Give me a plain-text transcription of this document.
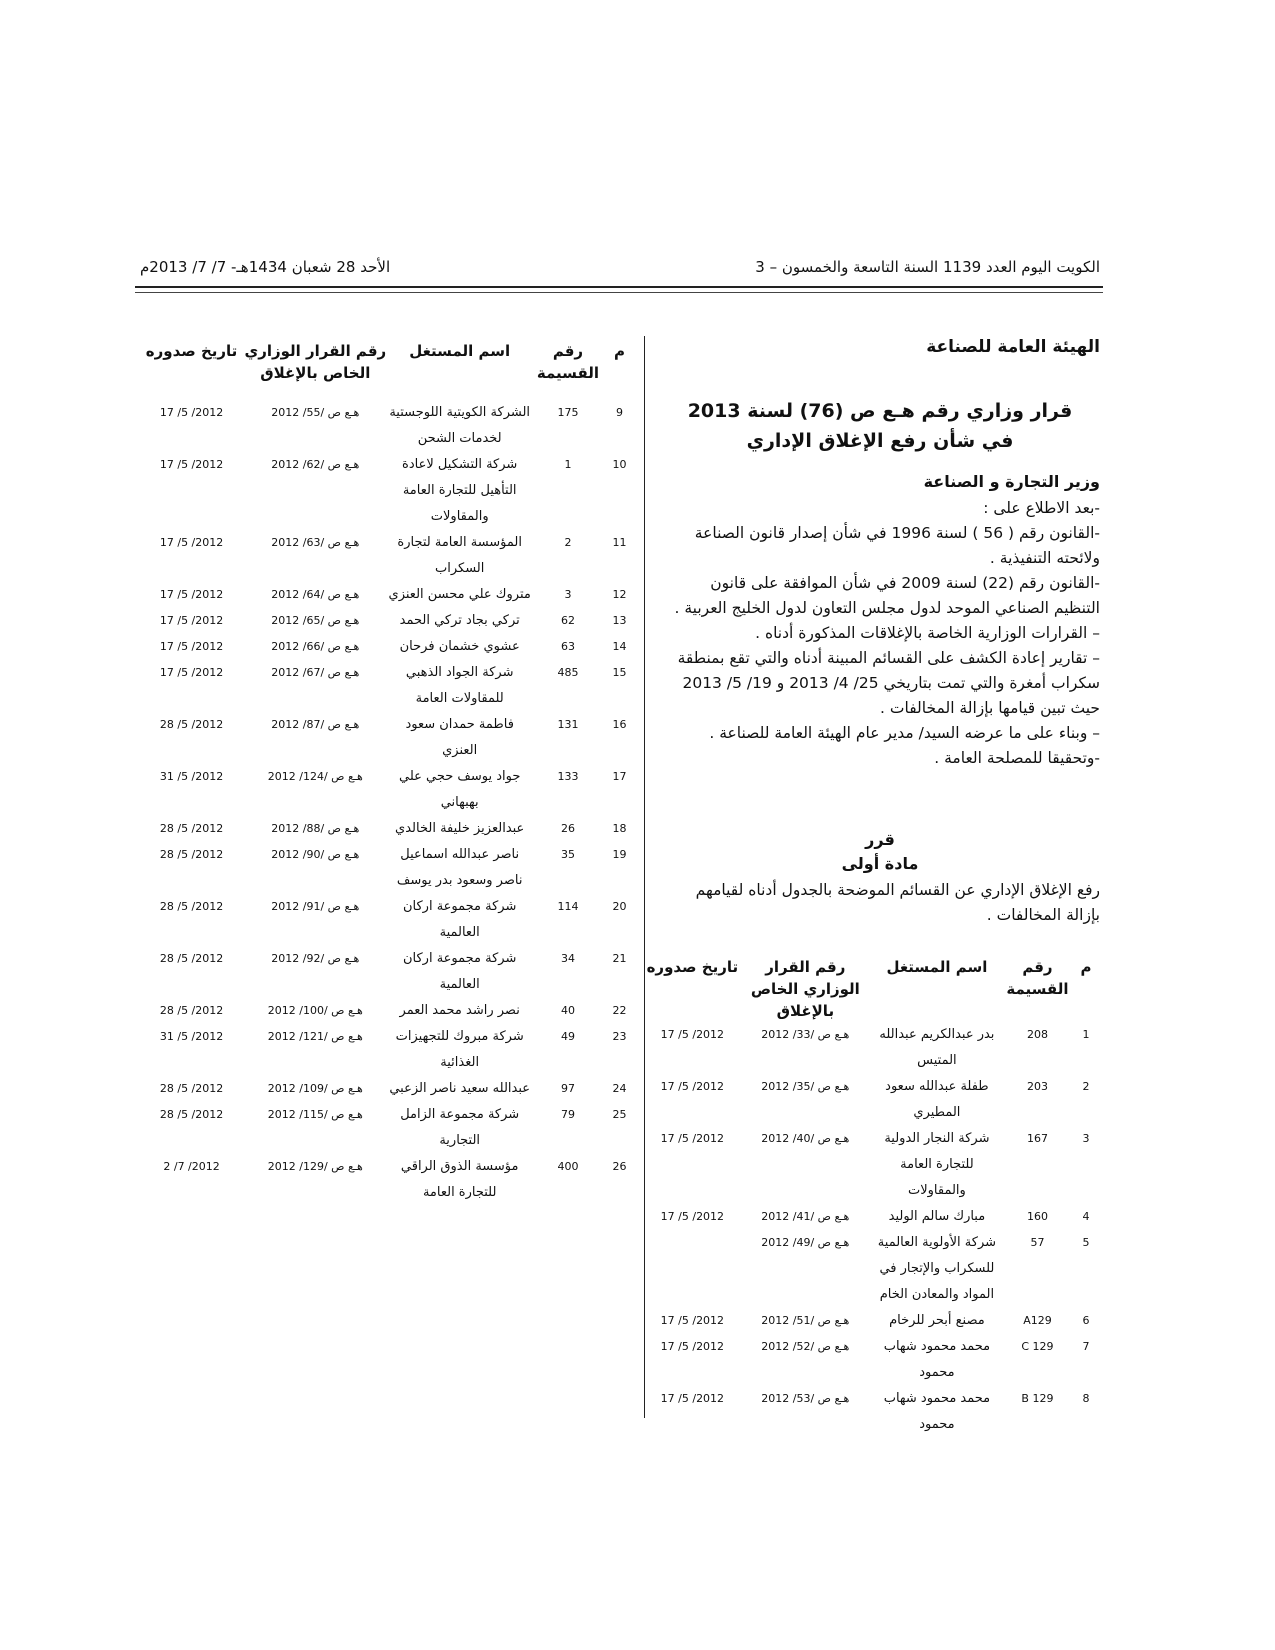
الكويت اليوم العدد 1139 السنة التاسعة والخمسون – 3
الأحد 28 شعبان 1434هـ- 7/ 7/ 2013م
الهيئة العامة للصناعة
قرار وزاري رقم هـع ص (76) لسنة 2013
في شأن رفع الإغلاق الإداري
وزير التجارة و الصناعة

-بعد الاطلاع على :

-القانون رقم ( 56 ) لسنة 1996 في شأن إصدار قانون الصناعة ولائحته التنفيذية .

-القانون رقم (22) لسنة 2009 في شأن الموافقة على قانون التنظيم الصناعي الموحد لدول مجلس التعاون لدول الخليج العربية .

– القرارات الوزارية الخاصة بالإغلاقات المذكورة أدناه .

– تقارير إعادة الكشف على القسائم المبينة أدناه والتي تقع بمنطقة سكراب أمغرة والتي تمت بتاريخي 25/ 4/ 2013 و 19/ 5/ 2013 حيث تبين قيامها بإزالة المخالفات .

– وبناء على ما عرضه السيد/ مدير عام الهيئة العامة للصناعة .

-وتحقيقا للمصلحة العامة .

قرر
مادة أولى

رفع الإغلاق الإداري عن القسائم الموضحة بالجدول أدناه لقيامهم بإزالة المخالفات .

م	رقم القسيمة	اسم المستغل	رقم القرار الوزاري الخاص بالإغلاق	تاريخ صدوره
1	208	بدر عبدالكريم عبدالله المتيس	هـع ص /33/ 2012	2012/ 5/ 17
2	203	طفلة عبدالله سعود المطيري	هـع ص /35/ 2012	2012/ 5/ 17
3	167	شركة النجار الدولية للتجارة العامة والمقاولات	هـع ص /40/ 2012	2012/ 5/ 17
4	160	مبارك سالم الوليد	هـع ص /41/ 2012	2012/ 5/ 17
5	57	شركة الأولوية العالمية للسكراب والإتجار في المواد والمعادن الخام	هـع ص /49/ 2012	
6	A129	مصنع أبحر للرخام	هـع ص /51/ 2012	2012/ 5/ 17
7	C 129	محمد محمود شهاب محمود	هـع ص /52/ 2012	2012/ 5/ 17
8	B 129	محمد محمود شهاب محمود	هـع ص /53/ 2012	2012/ 5/ 17
م	رقم القسيمة	اسم المستغل	رقم القرار الوزاري الخاص بالإغلاق	تاريخ صدوره
9	175	الشركة الكويتية اللوجستية لخدمات الشحن	هـع ص /55/ 2012	2012/ 5/ 17
10	1	شركة التشكيل لاعادة التأهيل للتجارة العامة والمقاولات	هـع ص /62/ 2012	2012/ 5/ 17
11	2	المؤسسة العامة لتجارة السكراب	هـع ص /63/ 2012	2012/ 5/ 17
12	3	متروك علي محسن العنزي	هـع ص /64/ 2012	2012/ 5/ 17
13	62	تركي بجاد تركي الحمد	هـع ص /65/ 2012	2012/ 5/ 17
14	63	عشوي خشمان فرحان	هـع ص /66/ 2012	2012/ 5/ 17
15	485	شركة الجواد الذهبي للمقاولات العامة	هـع ص /67/ 2012	2012/ 5/ 17
16	131	فاطمة حمدان سعود العنزي	هـع ص /87/ 2012	2012/ 5/ 28
17	133	جواد يوسف حجي علي بهبهاني	هـع ص /124/ 2012	2012/ 5/ 31
18	26	عبدالعزيز خليفة الخالدي	هـع ص /88/ 2012	2012/ 5/ 28
19	35	ناصر عبدالله اسماعيل ناصر وسعود بدر يوسف	هـع ص /90/ 2012	2012/ 5/ 28
20	114	شركة مجموعة اركان العالمية	هـع ص /91/ 2012	2012/ 5/ 28
21	34	شركة مجموعة اركان العالمية	هـع ص /92/ 2012	2012/ 5/ 28
22	40	نصر راشد محمد العمر	هـع ص /100/ 2012	2012/ 5/ 28
23	49	شركة مبروك للتجهيزات الغذائية	هـع ص /121/ 2012	2012/ 5/ 31
24	97	عبدالله سعيد ناصر الزعبي	هـع ص /109/ 2012	2012/ 5/ 28
25	79	شركة مجموعة الزامل التجارية	هـع ص /115/ 2012	2012/ 5/ 28
26	400	مؤسسة الذوق الراقي للتجارة العامة	هـع ص /129/ 2012	2012/ 7/ 2
